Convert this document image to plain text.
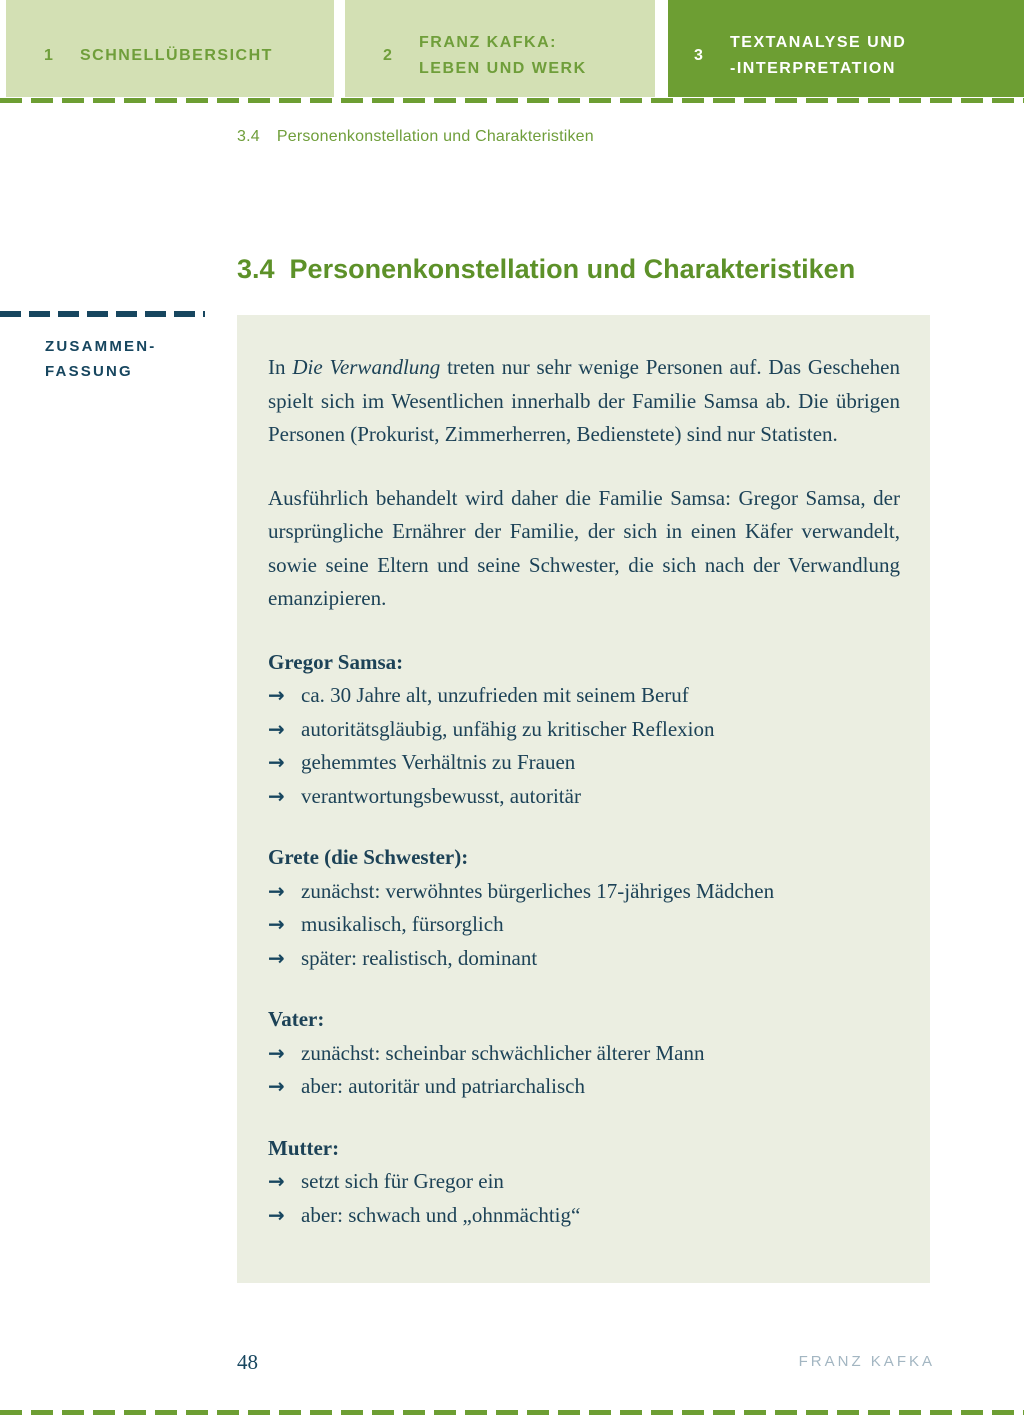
1	SCHNELLÜBERSICHT	2
FRANZ KAFKA:
LEBEN UND WERK
3
TEXTANALYSE UND
-INTERPRETATION
3.4 Personenkonstellation und Charakteristiken
3.4 Personenkonstellation und Charakteristiken
ZUSAMMEN-
FASSUNG	In Die Verwandlung treten nur sehr wenige Personen auf. Das Geschehen spielt sich im Wesentlichen innerhalb der Familie Samsa ab. Die übrigen Personen (Prokurist, Zimmerherren, Bedienstete) sind nur Statisten.

Ausführlich behandelt wird daher die Familie Samsa: Gregor Samsa, der ursprüngliche Ernährer der Familie, der sich in einen Käfer verwandelt, sowie seine Eltern und seine Schwester, die sich nach der Verwandlung emanzipieren.

Gregor Samsa:
→ ca. 30 Jahre alt, unzufrieden mit seinem Beruf
→ autoritätsgläubig, unfähig zu kritischer Reflexion
→ gehemmtes Verhältnis zu Frauen
→ verantwortungsbewusst, autoritär
Grete (die Schwester):
→ zunächst: verwöhntes bürgerliches 17-jähriges Mädchen
→ musikalisch, fürsorglich
→ später: realistisch, dominant
Vater:
→ zunächst: scheinbar schwächlicher älterer Mann
→ aber: autoritär und patriarchalisch
Mutter:
→ setzt sich für Gregor ein
→ aber: schwach und „ohnmächtig“
48	FRANZ KAFKA
